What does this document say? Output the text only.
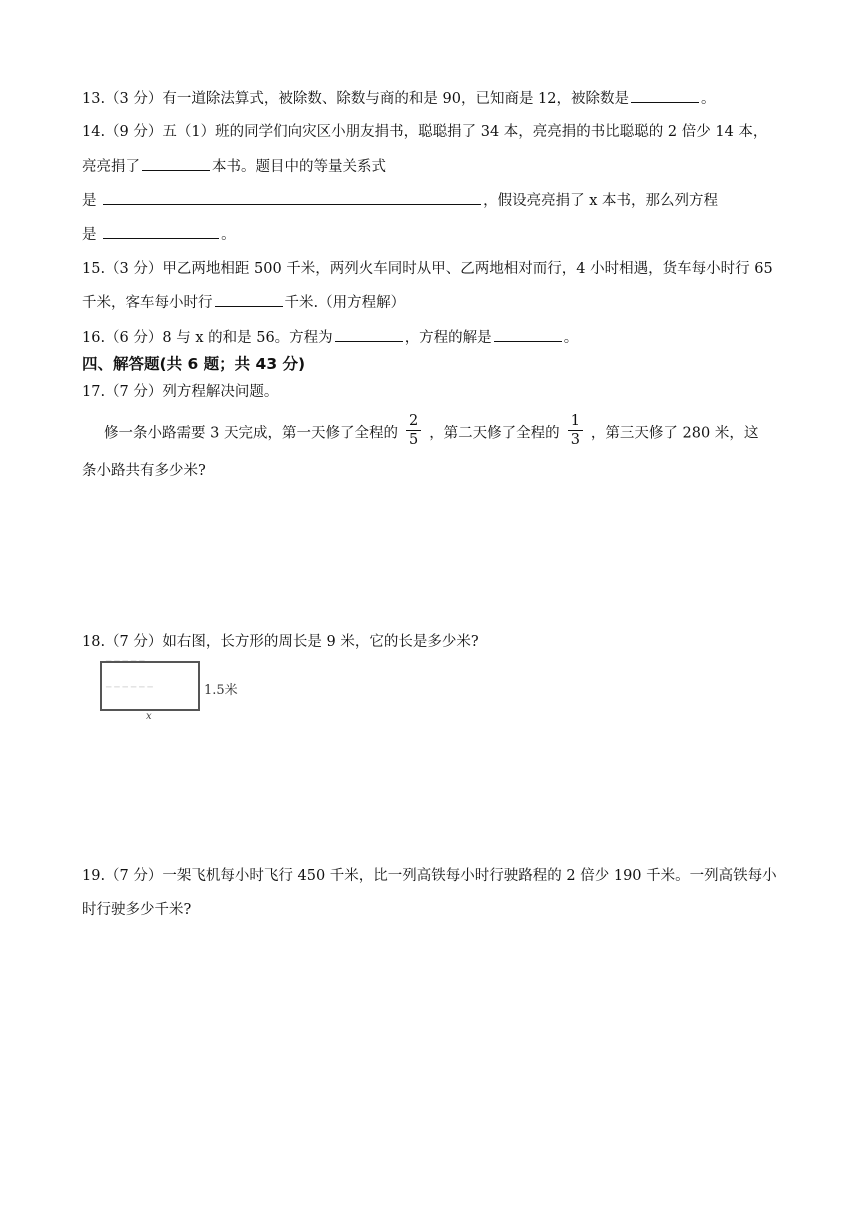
13.（3 分）有一道除法算式，被除数、除数与商的和是 90，已知商是 12，被除数是	。
14.（9 分）五（1）班的同学们向灾区小朋友捐书，聪聪捐了 34 本，亮亮捐的书比聪聪的 2 倍少 14 本，
亮亮捐了	本书。题目中的等量关系式
是	，假设亮亮捐了 x 本书，那么列方程
是	。
15.（3 分）甲乙两地相距 500 千米，两列火车同时从甲、乙两地相对而行，4 小时相遇，货车每小时行 65
千米，客车每小时行	千米.（用方程解）
16.（6 分）8 与 x 的和是 56。方程为	，方程的解是	。
四、解答题(共 6 题；共 43 分)
17.（7 分）列方程解决问题。
修一条小路需要 3 天完成，第一天修了全程的 $\frac{2}{5}$ ，第二天修了全程的 $\frac{1}{3}$ ，第三天修了 280 米，这
条小路共有多少米?
18.（7 分）如右图，长方形的周长是 9 米，它的长是多少米?
─ ─ ─ ─ ─
─ ─ ─ ─ ─ ─	1.5米
x
19.（7 分）一架飞机每小时飞行 450 千米，比一列高铁每小时行驶路程的 2 倍少 190 千米。一列高铁每小
时行驶多少千米?
